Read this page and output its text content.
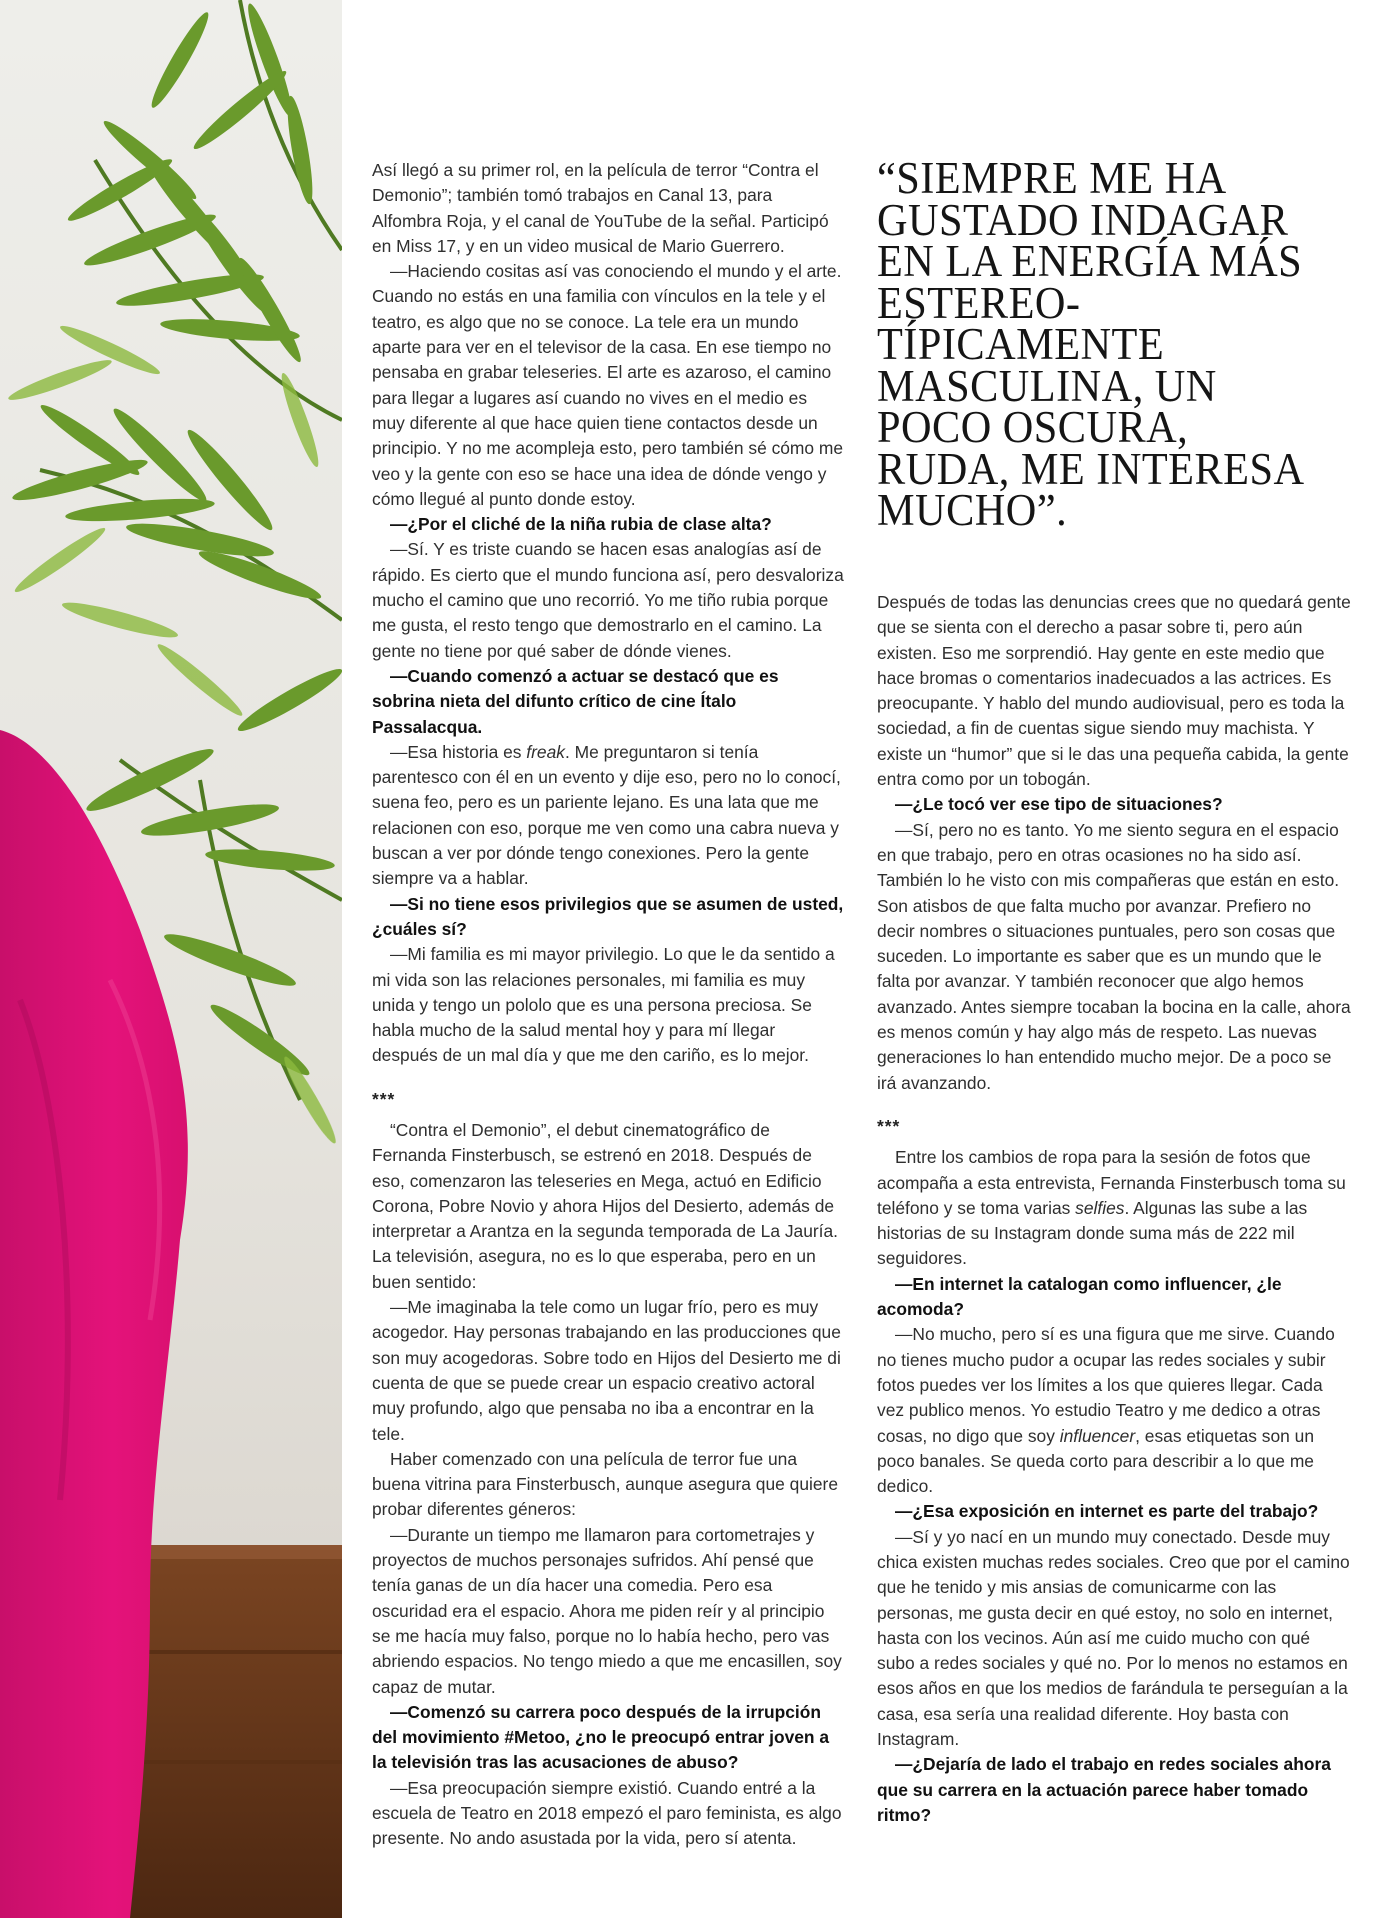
Así llegó a su primer rol, en la película de terror “Contra el Demonio”; también tomó trabajos en Canal 13, para Alfombra Roja, y el canal de YouTube de la señal. Participó en Miss 17, y en un video musical de Mario Guerrero.

—Haciendo cositas así vas conociendo el mundo y el arte. Cuando no estás en una familia con vínculos en la tele y el teatro, es algo que no se conoce. La tele era un mundo aparte para ver en el televisor de la casa. En ese tiempo no pensaba en grabar teleseries. El arte es azaroso, el camino para llegar a lugares así cuando no vives en el medio es muy diferente al que hace quien tiene contactos desde un principio. Y no me acompleja esto, pero también sé cómo me veo y la gente con eso se hace una idea de dónde vengo y cómo llegué al punto donde estoy.

—¿Por el cliché de la niña rubia de clase alta?

—Sí. Y es triste cuando se hacen esas analogías así de rápido. Es cierto que el mundo funciona así, pero desvaloriza mucho el camino que uno recorrió. Yo me tiño rubia porque me gusta, el resto tengo que demostrarlo en el camino. La gente no tiene por qué saber de dónde vienes.

—Cuando comenzó a actuar se destacó que es sobrina nieta del difunto crítico de cine Ítalo Passalacqua.

—Esa historia es freak. Me preguntaron si tenía parentesco con él en un evento y dije eso, pero no lo conocí, suena feo, pero es un pariente lejano. Es una lata que me relacionen con eso, porque me ven como una cabra nueva y buscan a ver por dónde tengo conexiones. Pero la gente siempre va a hablar.

—Si no tiene esos privilegios que se asumen de usted, ¿cuáles sí?

—Mi familia es mi mayor privilegio. Lo que le da sentido a mi vida son las relaciones personales, mi familia es muy unida y tengo un pololo que es una persona preciosa. Se habla mucho de la salud mental hoy y para mí llegar después de un mal día y que me den cariño, es lo mejor.

***

“Contra el Demonio”, el debut cinematográfico de Fernanda Finsterbusch, se estrenó en 2018. Después de eso, comenzaron las teleseries en Mega, actuó en Edificio Corona, Pobre Novio y ahora Hijos del Desierto, además de interpretar a Arantza en la segunda temporada de La Jauría. La televisión, asegura, no es lo que esperaba, pero en un buen sentido:

—Me imaginaba la tele como un lugar frío, pero es muy acogedor. Hay personas trabajando en las producciones que son muy acogedoras. Sobre todo en Hijos del Desierto me di cuenta de que se puede crear un espacio creativo actoral muy profundo, algo que pensaba no iba a encontrar en la tele.

Haber comenzado con una película de terror fue una buena vitrina para Finsterbusch, aunque asegura que quiere probar diferentes géneros:

—Durante un tiempo me llamaron para cortometrajes y proyectos de muchos personajes sufridos. Ahí pensé que tenía ganas de un día hacer una comedia. Pero esa oscuridad era el espacio. Ahora me piden reír y al principio se me hacía muy falso, porque no lo había hecho, pero vas abriendo espacios. No tengo miedo a que me encasillen, soy capaz de mutar.

—Comenzó su carrera poco después de la irrupción del movimiento #Metoo, ¿no le preocupó entrar joven a la televisión tras las acusaciones de abuso?

—Esa preocupación siempre existió. Cuando entré a la escuela de Teatro en 2018 empezó el paro feminista, es algo presente. No ando asustada por la vida, pero sí atenta.

“SIEMPRE ME HA GUSTADO INDAGAR EN LA ENERGÍA MÁS ESTEREO-TÍPICAMENTE MASCULINA, UN POCO OSCURA, RUDA, ME INTERESA MUCHO”.

Después de todas las denuncias crees que no quedará gente que se sienta con el derecho a pasar sobre ti, pero aún existen. Eso me sorprendió. Hay gente en este medio que hace bromas o comentarios inadecuados a las actrices. Es preocupante. Y hablo del mundo audiovisual, pero es toda la sociedad, a fin de cuentas sigue siendo muy machista. Y existe un “humor” que si le das una pequeña cabida, la gente entra como por un tobogán.

—¿Le tocó ver ese tipo de situaciones?

—Sí, pero no es tanto. Yo me siento segura en el espacio en que trabajo, pero en otras ocasiones no ha sido así. También lo he visto con mis compañeras que están en esto. Son atisbos de que falta mucho por avanzar. Prefiero no decir nombres o situaciones puntuales, pero son cosas que suceden. Lo importante es saber que es un mundo que le falta por avanzar. Y también reconocer que algo hemos avanzado. Antes siempre tocaban la bocina en la calle, ahora es menos común y hay algo más de respeto. Las nuevas generaciones lo han entendido mucho mejor. De a poco se irá avanzando.

***

Entre los cambios de ropa para la sesión de fotos que acompaña a esta entrevista, Fernanda Finsterbusch toma su teléfono y se toma varias selfies. Algunas las sube a las historias de su Instagram donde suma más de 222 mil seguidores.

—En internet la catalogan como influencer, ¿le acomoda?

—No mucho, pero sí es una figura que me sirve. Cuando no tienes mucho pudor a ocupar las redes sociales y subir fotos puedes ver los límites a los que quieres llegar. Cada vez publico menos. Yo estudio Teatro y me dedico a otras cosas, no digo que soy influencer, esas etiquetas son un poco banales. Se queda corto para describir a lo que me dedico.

—¿Esa exposición en internet es parte del trabajo?

—Sí y yo nací en un mundo muy conectado. Desde muy chica existen muchas redes sociales. Creo que por el camino que he tenido y mis ansias de comunicarme con las personas, me gusta decir en qué estoy, no solo en internet, hasta con los vecinos. Aún así me cuido mucho con qué subo a redes sociales y qué no. Por lo menos no estamos en esos años en que los medios de farándula te perseguían a la casa, esa sería una realidad diferente. Hoy basta con Instagram.

—¿Dejaría de lado el trabajo en redes sociales ahora que su carrera en la actuación parece haber tomado ritmo?
